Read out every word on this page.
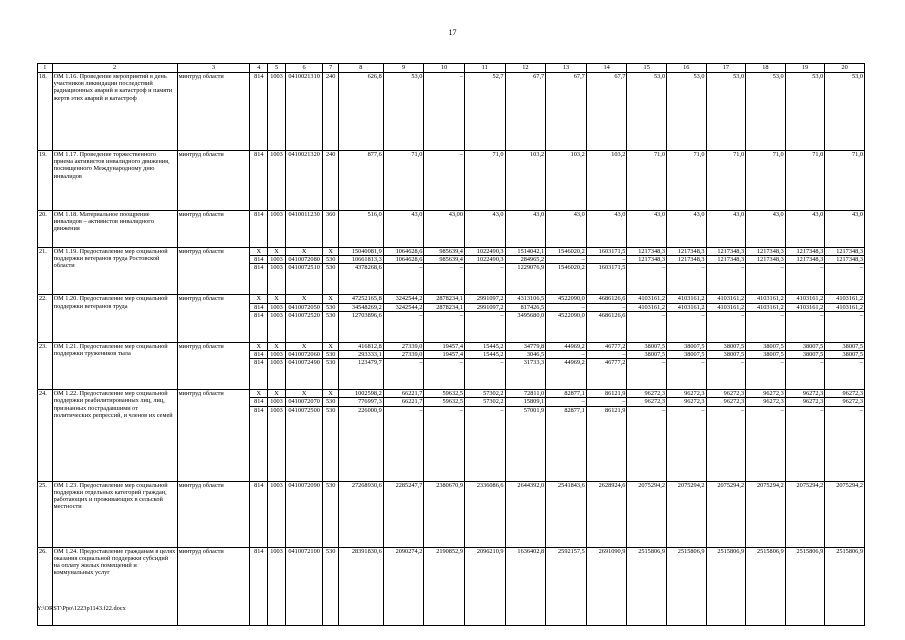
17
1	2	3	4	5	6	7	8	9	10	11	12	13	14	15	16	17	18	19	20
18.	ОМ 1.16. Проведение мероприятий в день участников ликвидации последствий радиационных аварий и катастроф и памяти жертв этих аварий и катастроф	минтруд области	814	1003	0410021310	240	626,8	53,0	–	52,7	67,7	67,7	67,7	53,0	53,0	53,0	53,0	53,0	53,0
19.	ОМ 1.17. Проведение торжественного приема активистов инвалидного движения, посвященного Международному дню инвалидов	минтруд области	814	1003	0410021320	240	877,6	71,0	–	71,0	103,2	103,2	103,2	71,0	71,0	71,0	71,0	71,0	71,0
20.	ОМ 1.18. Материальное поощрение инвалидов – активистов инвалидного движения	минтруд области	814	1003	0410011230	360	516,0	43,0	43,00	43,0	43,0	43,0	43,0	43,0	43,0	43,0	43,0	43,0	43,0
21.	ОМ 1.19. Предоставление мер социальной поддержки ветеранов труда Ростовской области	минтруд области	Х	Х	Х	Х	15040081,9	1064628,6	985639,4	1022490,3	1514042,1	1546020,2	1603171,5	1217348,3	1217348,3	1217348,3	1217348,3	1217348,3	1217348,3
			814	1003	0410072080	530	10661813,3	1064628,6	985639,4	1022490,3	284965,2	–	–	1217348,3	1217348,3	1217348,3	1217348,3	1217348,3	1217348,3
			814	1003	0410072510	530	4378268,6	–	–	–	1229076,9	1546020,2	1603171,5	–	–	–	–	–	–
22.	ОМ 1.20. Предоставление мер социальной поддержки ветеранов труда	минтруд области	Х	Х	Х	Х	47252165,8	3242544,2	2878234,1	2991097,2	4313106,5	4522090,0	4686126,6	4103161,2	4103161,2	4103161,2	4103161,2	4103161,2	4103161,2
			814	1003	0410072050	530	34548269,2	3242544,2	2878234,1	2991097,2	817426,5	–	–	4103161,2	4103161,2	4103161,2	4103161,2	4103161,2	4103161,2
			814	1003	0410072520	530	12703896,6	–	–	–	3495680,0	4522090,0	4686126,6	–	–	–	–	–	–
23.	ОМ 1.21. Предоставление мер социальной поддержки тружеников тыла	минтруд области	Х	Х	Х	Х	416812,8	27339,0	19457,4	15445,2	34779,8	44969,2	46777,2	38007,5	38007,5	38007,5	38007,5	38007,5	38007,5
			814	1003	0410072060	530	293333,1	27339,0	19457,4	15445,2	3046,5	–	–	38007,5	38007,5	38007,5	38007,5	38007,5	38007,5
			814	1003	0410072490	530	123479,7	–	–	–	31733,3	44969,2	46777,2	–	–	–	–	–	–
24.	ОМ 1.22. Предоставление мер социальной поддержки реабилитированных лиц, лиц, признанных пострадавшими от политических репрессий, и членов их семей	минтруд области	Х	Х	Х	Х	1002598,2	66221,7	59632,5	57302,2	72811,0	82877,1	86121,9	96272,3	96272,3	96272,3	96272,3	96272,3	96272,3
			814	1003	0410072070	530	776997,3	66221,7	59632,5	57302,2	15809,1	–	–	96272,3	96272,3	96272,3	96272,3	96272,3	96272,3
			814	1003	0410072500	530	226000,9	–	–	–	57001,9	82877,1	86121,9	–	–	–	–	–	–
25.	ОМ 1.23. Предоставление мер социальной поддержки отдельных категорий граждан, работающих и проживающих в сельской местности	минтруд области	814	1003	0410072090	530	27268930,6	2285247,7	2380670,9	2336086,6	2644392,0	2541843,6	2628924,6	2075294,2	2075294,2	2075294,2	2075294,2	2075294,2	2075294,2
26.	ОМ 1.24. Предоставление гражданам в целях оказания социальной поддержки субсидий на оплату жилых помещений и коммунальных услуг	минтруд области	814	1003	0410072100	530	28391830,6	2090274,2	2190852,9	2096210,9	1636402,8	2592157,5	2691090,9	2515806,9	2515806,9	2515806,9	2515806,9	2515806,9	2515806,9
Y:\ORST\Ppo\1223p1143.f22.docx
